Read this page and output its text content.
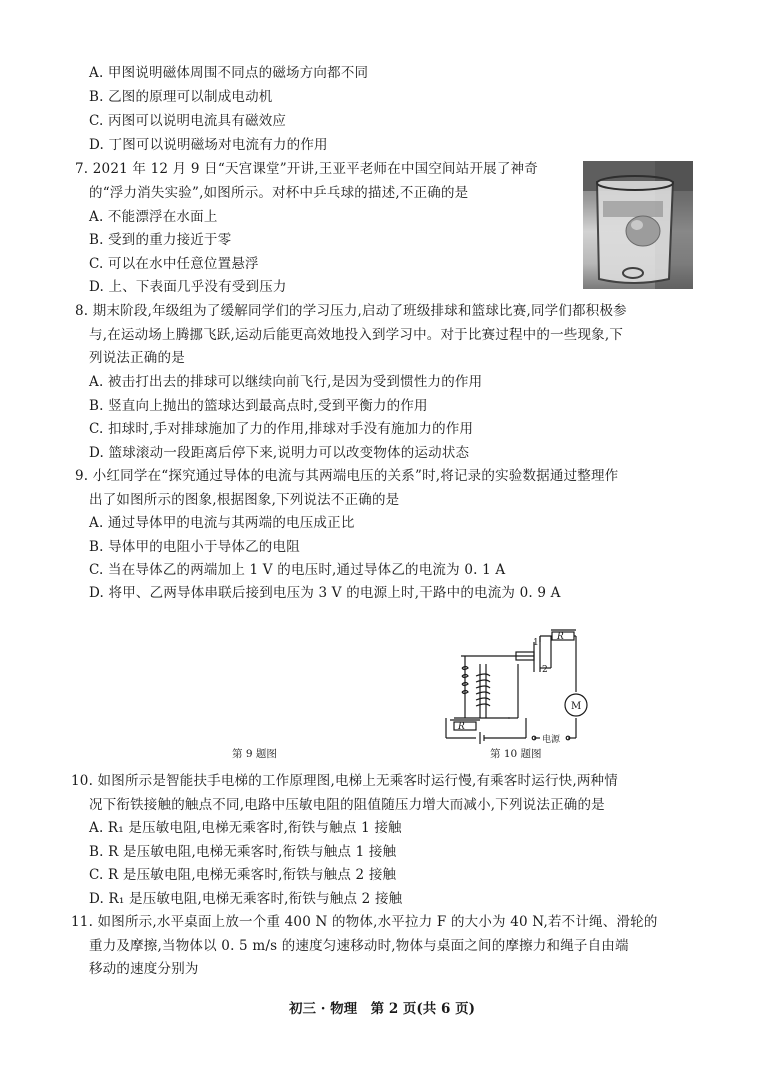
A. 甲图说明磁体周围不同点的磁场方向都不同
B. 乙图的原理可以制成电动机
C. 丙图可以说明电流具有磁效应
D. 丁图可以说明磁场对电流有力的作用
7. 2021 年 12 月 9 日“天宫课堂”开讲,王亚平老师在中国空间站开展了神奇
的“浮力消失实验”,如图所示。对杯中乒乓球的描述,不正确的是
A. 不能漂浮在水面上
B. 受到的重力接近于零
C. 可以在水中任意位置悬浮
D. 上、下表面几乎没有受到压力
8. 期末阶段,年级组为了缓解同学们的学习压力,启动了班级排球和篮球比赛,同学们都积极参
与,在运动场上腾挪飞跃,运动后能更高效地投入到学习中。对于比赛过程中的一些现象,下
列说法正确的是
A. 被击打出去的排球可以继续向前飞行,是因为受到惯性力的作用
B. 竖直向上抛出的篮球达到最高点时,受到平衡力的作用
C. 扣球时,手对排球施加了力的作用,排球对手没有施加力的作用
D. 篮球滚动一段距离后停下来,说明力可以改变物体的运动状态
9. 小红同学在“探究通过导体的电流与其两端电压的关系”时,将记录的实验数据通过整理作
出了如图所示的图象,根据图象,下列说法不正确的是
A. 通过导体甲的电流与其两端的电压成正比
B. 导体甲的电阻小于导体乙的电阻
C. 当在导体乙的两端加上 1 V 的电压时,通过导体乙的电流为 0. 1 A
D. 将甲、乙两导体串联后接到电压为 3 V 的电源上时,干路中的电流为 0. 9 A
第 9 题图
1
2
R
R
M
电源
第 10 题图
10. 如图所示是智能扶手电梯的工作原理图,电梯上无乘客时运行慢,有乘客时运行快,两种情
况下衔铁接触的触点不同,电路中压敏电阻的阻值随压力增大而减小,下列说法正确的是
A. R₁ 是压敏电阻,电梯无乘客时,衔铁与触点 1 接触
B. R 是压敏电阻,电梯无乘客时,衔铁与触点 1 接触
C. R 是压敏电阻,电梯无乘客时,衔铁与触点 2 接触
D. R₁ 是压敏电阻,电梯无乘客时,衔铁与触点 2 接触
11. 如图所示,水平桌面上放一个重 400 N 的物体,水平拉力 F 的大小为 40 N,若不计绳、滑轮的
重力及摩擦,当物体以 0. 5 m/s 的速度匀速移动时,物体与桌面之间的摩擦力和绳子自由端
移动的速度分别为
初三 · 物理　第 2 页(共 6 页)
